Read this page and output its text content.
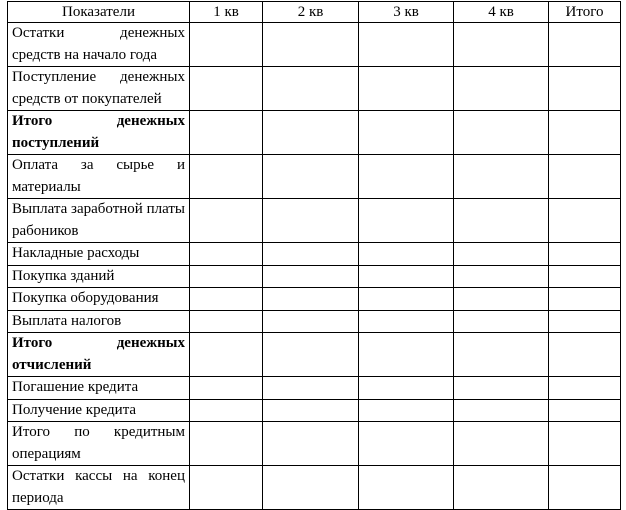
Показатели	1 кв	2 кв	3 кв	4 кв	Итого
Остатки денежных средств на начало года					
Поступление денежных средств от покупателей					
Итого денежных поступлений					
Оплата за сырье и материалы					
Выплата заработной платы рабоников					
Накладные расходы					
Покупка зданий					
Покупка оборудования					
Выплата налогов					
Итого денежных отчислений					
Погашение кредита					
Получение кредита					
Итого по кредитным операциям					
Остатки кассы на конец периода					
